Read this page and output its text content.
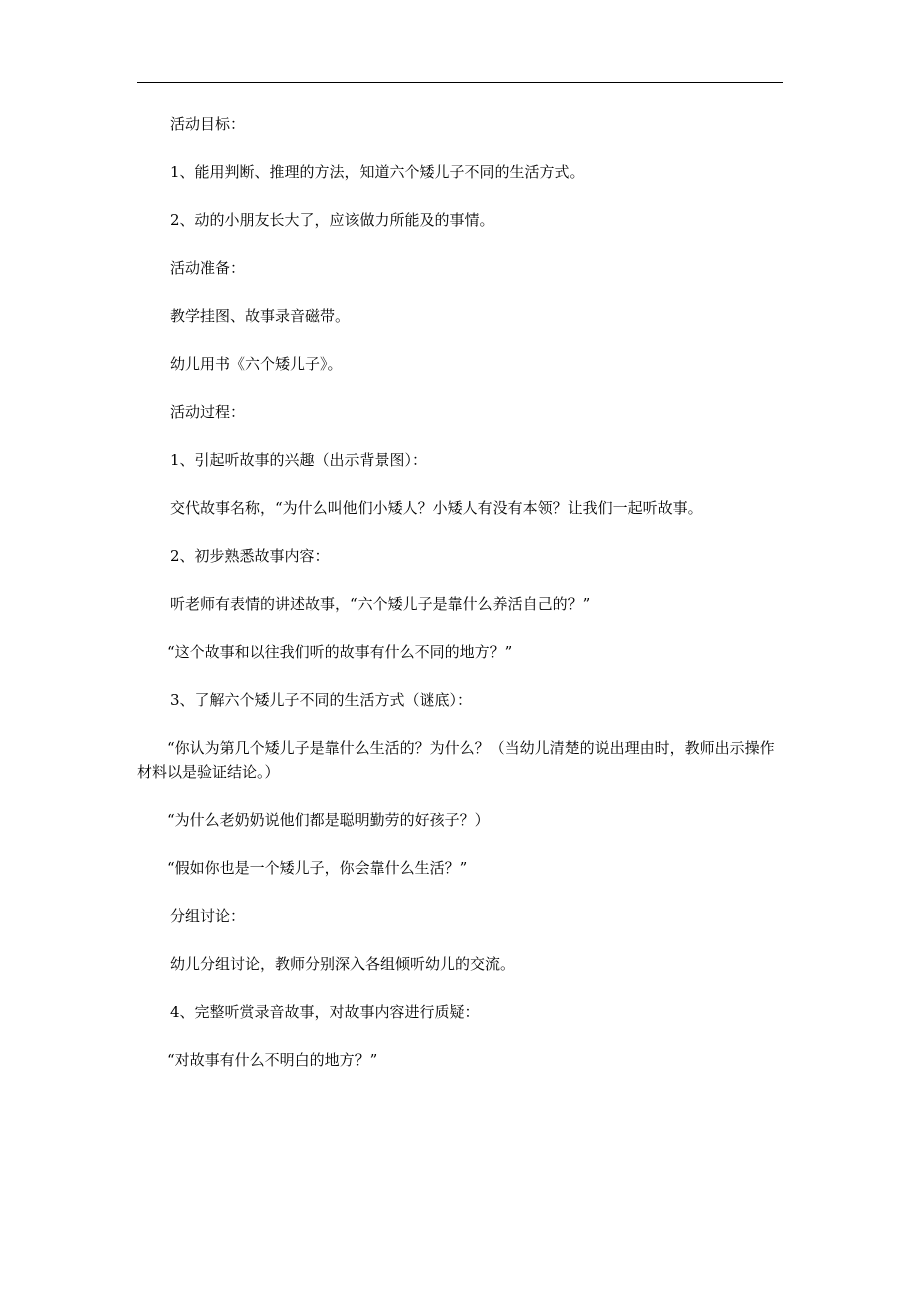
活动目标：

1、能用判断、推理的方法，知道六个矮儿子不同的生活方式。

2、动的小朋友长大了，应该做力所能及的事情。

活动准备：

教学挂图、故事录音磁带。

幼儿用书《六个矮儿子》。

活动过程：

1、引起听故事的兴趣（出示背景图）：

交代故事名称，“为什么叫他们小矮人？小矮人有没有本领？让我们一起听故事。

2、初步熟悉故事内容：

听老师有表情的讲述故事，“六个矮儿子是靠什么养活自己的？”

“这个故事和以往我们听的故事有什么不同的地方？”

3、了解六个矮儿子不同的生活方式（谜底）：

“你认为第几个矮儿子是靠什么生活的？为什么？（当幼儿清楚的说出理由时，教师出示操作材料以是验证结论。）

“为什么老奶奶说他们都是聪明勤劳的好孩子？）

“假如你也是一个矮儿子，你会靠什么生活？”

分组讨论：

幼儿分组讨论，教师分别深入各组倾听幼儿的交流。

4、完整听赏录音故事，对故事内容进行质疑：

“对故事有什么不明白的地方？”
